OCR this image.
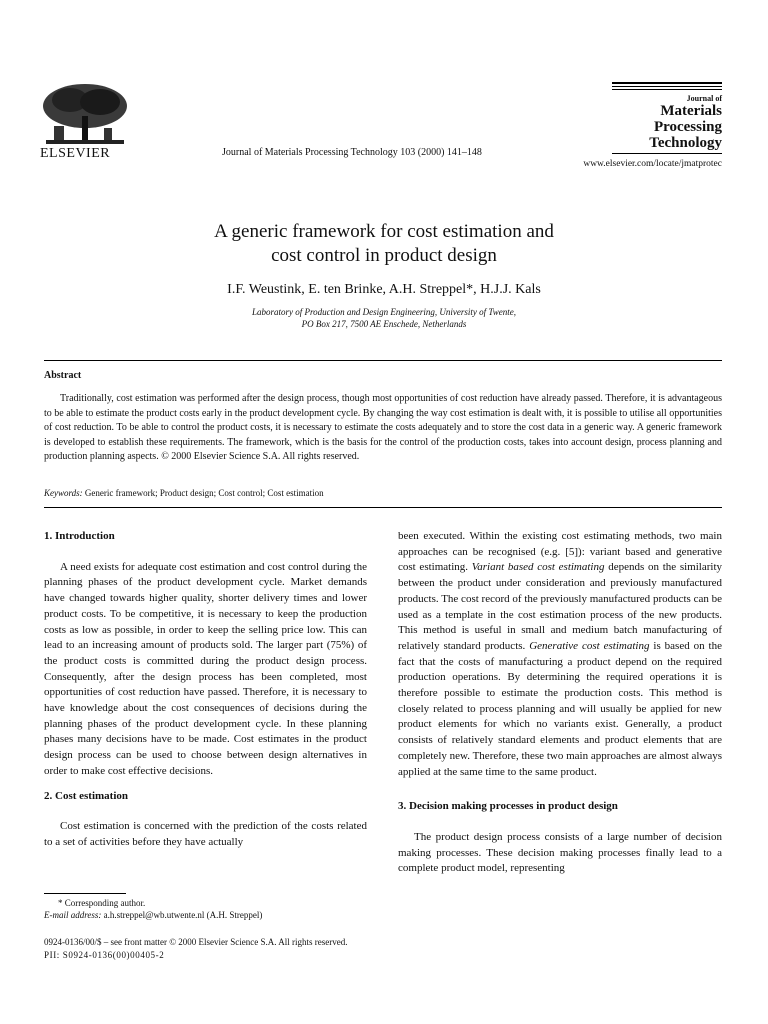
ELSEVIER	Journal of Materials Processing Technology 103 (2000) 141–148
Journal of
Materials
Processing
Technology
www.elsevier.com/locate/jmatprotec
A generic framework for cost estimation and
cost control in product design
I.F. Weustink, E. ten Brinke, A.H. Streppel*, H.J.J. Kals
Laboratory of Production and Design Engineering, University of Twente,
PO Box 217, 7500 AE Enschede, Netherlands
Abstract

Traditionally, cost estimation was performed after the design process, though most opportunities of cost reduction have already passed. Therefore, it is advantageous to be able to estimate the product costs early in the product development cycle. By changing the way cost estimation is dealt with, it is possible to utilise all opportunities of cost reduction. To be able to control the product costs, it is necessary to estimate the costs adequately and to store the cost data in a generic way. A generic framework is developed to establish these requirements. The framework, which is the basis for the control of the production costs, takes into account design, process planning and production planning aspects. © 2000 Elsevier Science S.A. All rights reserved.

Keywords: Generic framework; Product design; Cost control; Cost estimation

1. Introduction

A need exists for adequate cost estimation and cost control during the planning phases of the product development cycle. Market demands have changed towards higher quality, shorter delivery times and lower product costs. To be competitive, it is necessary to keep the production costs as low as possible, in order to keep the selling price low. This can lead to an increasing amount of products sold. The larger part (75%) of the product costs is committed during the product design process. Consequently, after the design process has been completed, most opportunities of cost reduction have passed. Therefore, it is necessary to have knowledge about the cost consequences of decisions during the planning phases of the product development cycle. In these planning phases many decisions have to be made. Cost estimates in the product design process can be used to choose between design alternatives in order to make cost effective decisions.

2. Cost estimation

Cost estimation is concerned with the prediction of the costs related to a set of activities before they have actually

been executed. Within the existing cost estimating methods, two main approaches can be recognised (e.g. [5]): variant based and generative cost estimating. Variant based cost estimating depends on the similarity between the product under consideration and previously manufactured products. The cost record of the previously manufactured products can be used as a template in the cost estimation process of the new products. This method is useful in small and medium batch manufacturing of relatively standard products. Generative cost estimating is based on the fact that the costs of manufacturing a product depend on the required production operations. By determining the required operations it is therefore possible to estimate the production costs. This method is closely related to process planning and will usually be applied for new product elements for which no variants exist. Generally, a product consists of relatively standard elements and product elements that are completely new. Therefore, these two main approaches are almost always applied at the same time to the same product.

3. Decision making processes in product design

The product design process consists of a large number of decision making processes. These decision making processes finally lead to a complete product model, representing

* Corresponding author.
E-mail address: a.h.streppel@wb.utwente.nl (A.H. Streppel)
0924-0136/00/$ – see front matter © 2000 Elsevier Science S.A. All rights reserved.
PII: S0924-0136(00)00405-2
